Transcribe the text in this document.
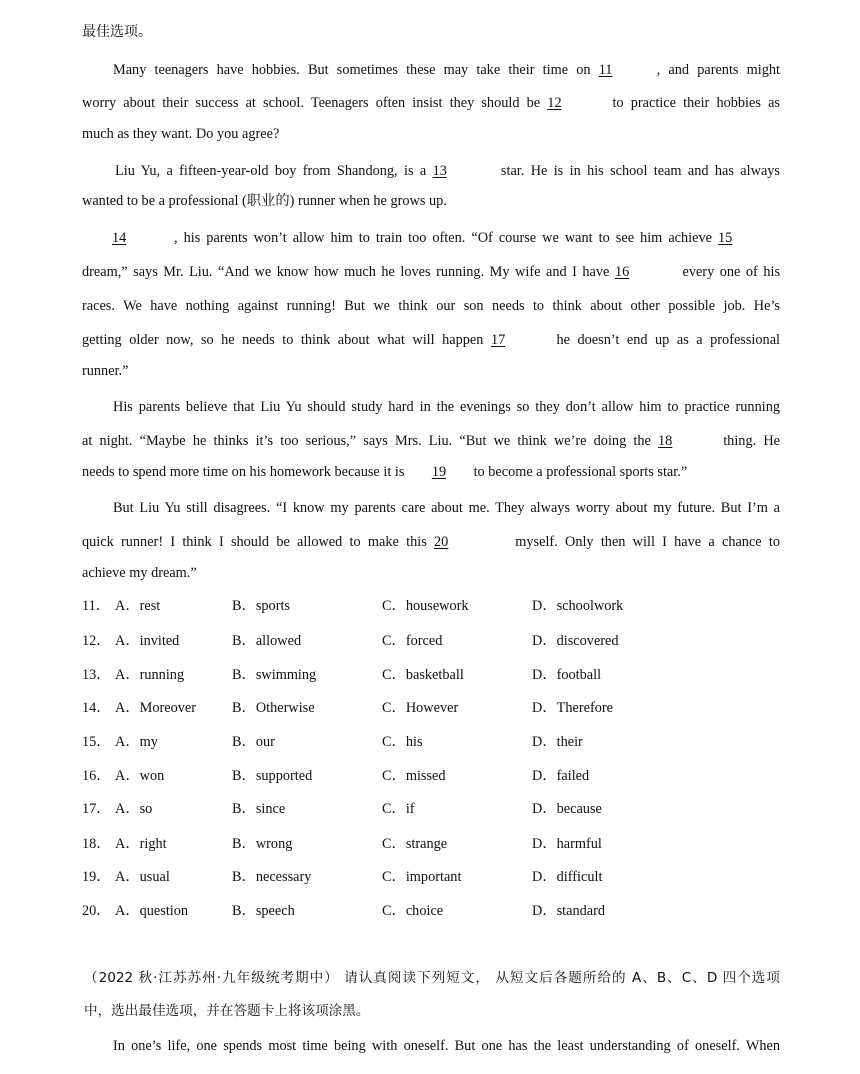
最佳选项。
Many teenagers have hobbies. But sometimes these may take their time on 11	, and parents might
worry about their success at school. Teenagers often insist they should be 12	to practice their hobbies as
much as they want. Do you agree?
Liu Yu, a fifteen-year-old boy from Shandong, is a 13	star. He is in his school team and has always
wanted to be a professional (职业的) runner when he grows up.
14	, his parents won’t allow him to train too often. “Of course we want to see him achieve 15
dream,” says Mr. Liu. “And we know how much he loves running. My wife and I have 16	every one of his
races. We have nothing against running! But we think our son needs to think about other possible job. He’s
getting older now, so he needs to think about what will happen 17	he doesn’t end up as a professional
runner.”
His parents believe that Liu Yu should study hard in the evenings so they don’t allow him to practice running
at night. “Maybe he thinks it’s too serious,” says Mrs. Liu. “But we think we’re doing the 18	thing. He
needs to spend more time on his homework because it is 19 to become a professional sports star.”
But Liu Yu still disagrees. “I know my parents care about me. They always worry about my future. But I’m a
quick runner! I think I should be allowed to make this 20	myself. Only then will I have a chance to
achieve my dream.”
11． A．rest	B．sports	C．housework	D．schoolwork
12． A．invited	B．allowed	C．forced	D．discovered
13． A．running	B．swimming	C．basketball	D．football
14． A．Moreover	B．Otherwise	C．However	D．Therefore
15． A．my	B．our	C．his	D．their
16． A．won	B．supported	C．missed	D．failed
17． A．so	B．since	C．if	D．because
18． A．right	B．wrong	C．strange	D．harmful
19． A．usual	B．necessary	C．important	D．difficult
20． A．question	B．speech	C．choice	D．standard
（2022 秋·江苏苏州·九年级统考期中） 请认真阅读下列短文， 从短文后各题所给的 A、B、C、D 四个选项
中，选出最佳选项，并在答题卡上将该项涂黑。
In one’s life, one spends most time being with oneself. But one has the least understanding of oneself. When
